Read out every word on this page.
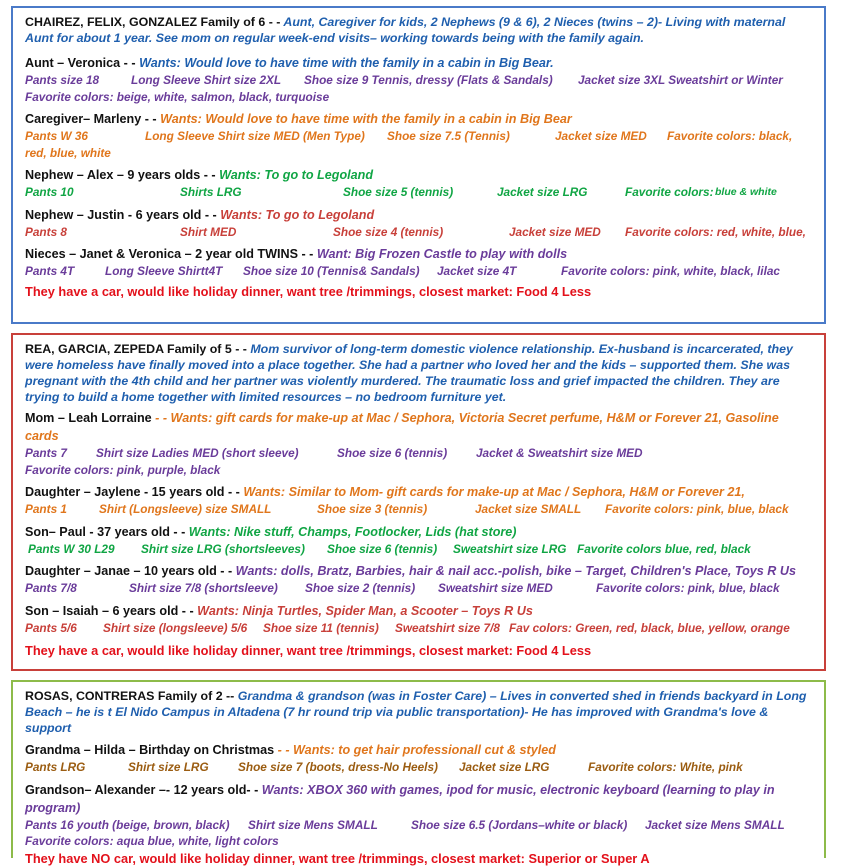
CHAIREZ, FELIX, GONZALEZ Family of 6 - - Aunt, Caregiver for kids, 2 Nephews (9 & 6), 2 Nieces (twins – 2)- Living with maternal Aunt for about 1 year. See mom on regular week-end visits– working towards being with the family again.

Aunt – Veronica - - Wants: Would love to have time with the family in a cabin in Big Bear.

Pants size 18	Long Sleeve Shirt size 2XL Shoe size 9 Tennis, dressy (Flats & Sandals) Jacket size 3XL Sweatshirt or Winter

Favorite colors: beige, white, salmon, black, turquoise

Caregiver– Marleny - - Wants: Would love to have time with the family in a cabin in Big Bear

Pants W 36	Long Sleeve Shirt size MED (Men Type) Shoe size 7.5 (Tennis)	Jacket size MED Favorite colors: black,

red, blue, white

Nephew – Alex – 9 years olds - - Wants: To go to Legoland

Pants 10	Shirts LRG	Shoe size 5 (tennis)	Jacket size LRG	Favorite colors: blue & white

Nephew – Justin - 6 years old - - Wants: To go to Legoland

Pants 8	Shirt MED	Shoe size 4 (tennis)	Jacket size MED Favorite colors: red, white, blue,

Nieces – Janet & Veronica – 2 year old TWINS - - Want: Big Frozen Castle to play with dolls

Pants 4T	Long Sleeve Shirtt4T Shoe size 10 (Tennis& Sandals) Jacket size 4T	Favorite colors: pink, white, black, lilac

They have a car, would like holiday dinner, want tree /trimmings, closest market: Food 4 Less

REA, GARCIA, ZEPEDA Family of 5 - - Mom survivor of long-term domestic violence relationship. Ex-husband is incarcerated, they were homeless have finally moved into a place together. She had a partner who loved her and the kids – supported them. She was pregnant with the 4th child and her partner was violently murdered. The traumatic loss and grief impacted the children. They are trying to build a home together with limited resources – no bedroom furniture yet.

Mom – Leah Lorraine - - Wants: gift cards for make-up at Mac / Sephora, Victoria Secret perfume, H&M or Forever 21, Gasoline cards

Pants 7 Shirt size Ladies MED (short sleeve)	Shoe size 6 (tennis) Jacket & Sweatshirt size MED

Favorite colors: pink, purple, black

Daughter – Jaylene - 15 years old - - Wants: Similar to Mom- gift cards for make-up at Mac / Sephora, H&M or Forever 21,

Pants 1	Shirt (Longsleeve) size SMALL	Shoe size 3 (tennis)	Jacket size SMALL Favorite colors: pink, blue, black

Son– Paul - 37 years old - - Wants: Nike stuff, Champs, Footlocker, Lids (hat store)

Pants W 30 L29 Shirt size LRG (shortsleeves) Shoe size 6 (tennis) Sweatshirt size LRG Favorite colors blue, red, black

Daughter – Janae – 10 years old - - Wants: dolls, Bratz, Barbies, hair & nail acc.-polish, bike – Target, Children's Place, Toys R Us

Pants 7/8	Shirt size 7/8 (shortsleeve) Shoe size 2 (tennis) Sweatshirt size MED	Favorite colors: pink, blue, black

Son – Isaiah – 6 years old - - Wants: Ninja Turtles, Spider Man, a Scooter – Toys R Us

Pants 5/6 Shirt size (longsleeve) 5/6 Shoe size 11 (tennis) Sweatshirt size 7/8 Fav colors: Green, red, black, blue, yellow, orange

They have a car, would like holiday dinner, want tree /trimmings, closest market: Food 4 Less

ROSAS, CONTRERAS Family of 2 -- Grandma & grandson (was in Foster Care) – Lives in converted shed in friends backyard in Long Beach – he is t El Nido Campus in Altadena (7 hr round trip via public transportation)- He has improved with Grandma's love & support

Grandma – Hilda – Birthday on Christmas - - Wants: to get hair professionall cut & styled

Pants LRG	Shirt size LRG Shoe size 7 (boots, dress-No Heels) Jacket size LRG	Favorite colors: White, pink

Grandson– Alexander –- 12 years old- - Wants: XBOX 360 with games, ipod for music, electronic keyboard (learning to play in program)

Pants 16 youth (beige, brown, black) Shirt size Mens SMALL	Shoe size 6.5 (Jordans–white or black) Jacket size Mens SMALL

Favorite colors: aqua blue, white, light colors

They have NO car, would like holiday dinner, want tree /trimmings, closest market: Superior or Super A
